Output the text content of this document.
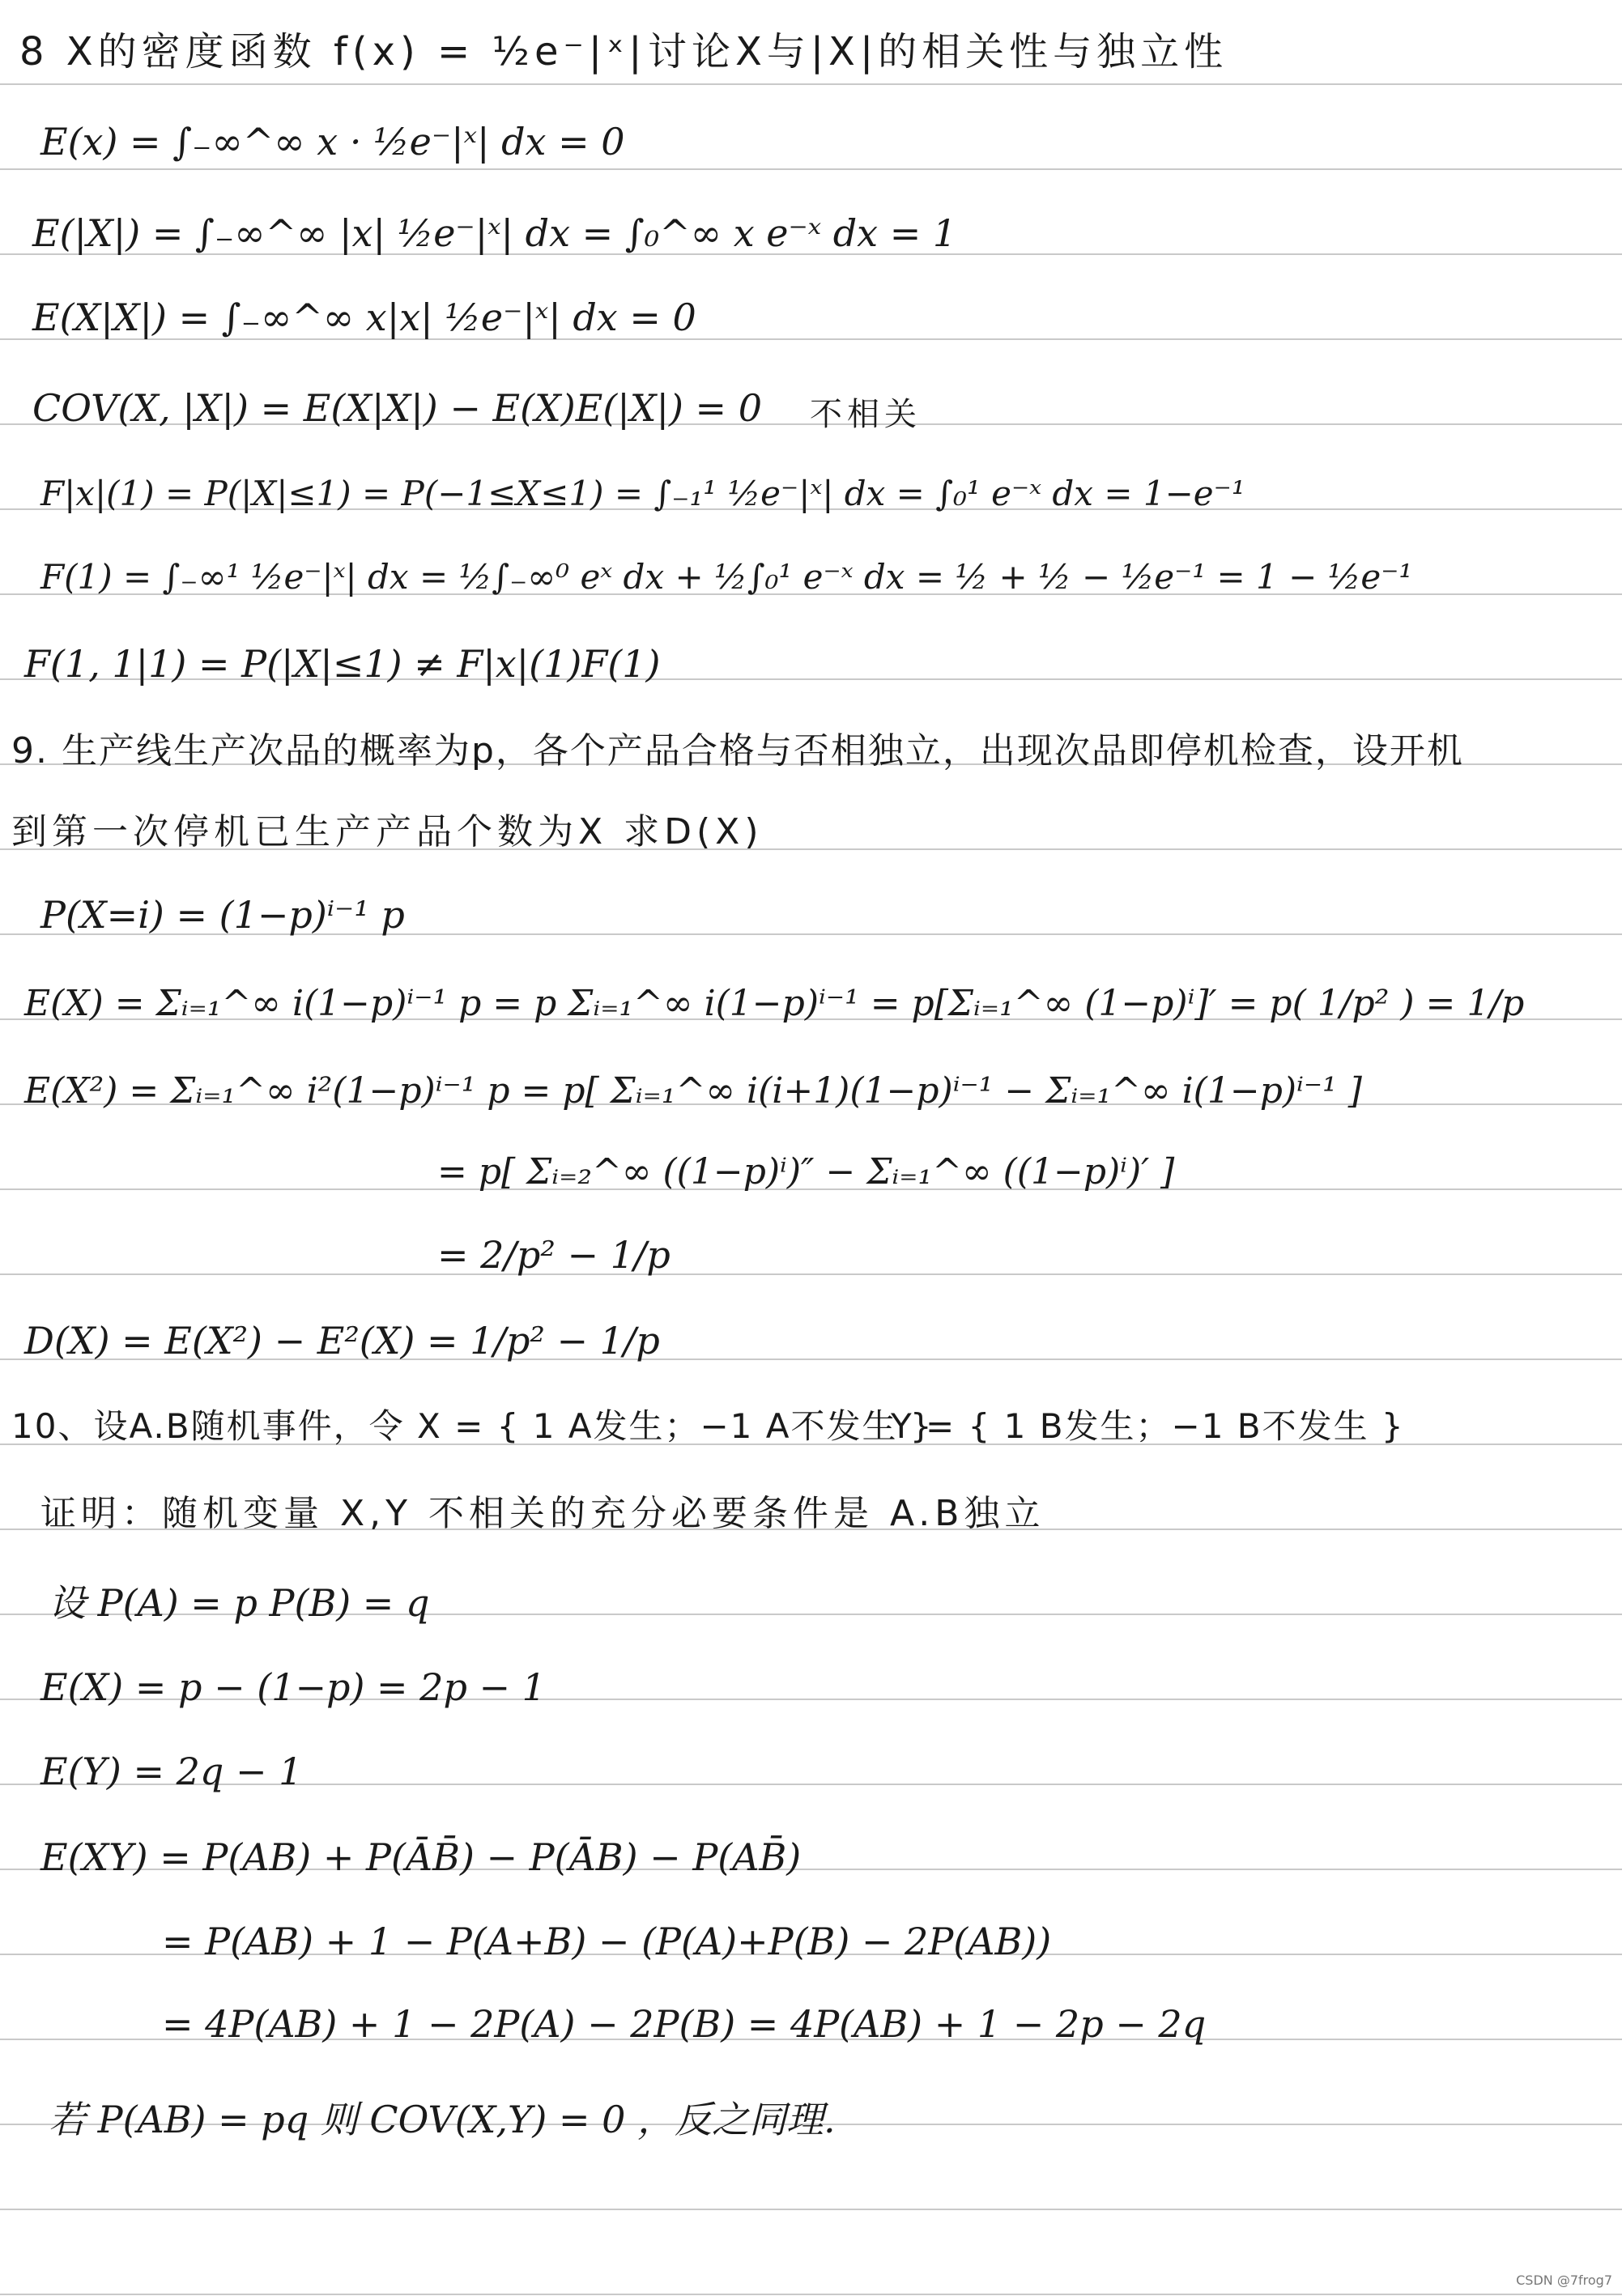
8 X的密度函数 f(x) = ½e⁻|ˣ| 讨论X与|X|的相关性与独立性
E(x) = ∫₋∞^∞ x · ½e⁻|ˣ| dx = 0
E(|X|) = ∫₋∞^∞ |x| ½e⁻|ˣ| dx = ∫₀^∞ x e⁻ˣ dx = 1
E(X|X|) = ∫₋∞^∞ x|x| ½e⁻|ˣ| dx = 0
COV(X, |X|) = E(X|X|) − E(X)E(|X|) = 0 不相关
F|x|(1) = P(|X|≤1) = P(−1≤X≤1) = ∫₋₁¹ ½e⁻|ˣ| dx = ∫₀¹ e⁻ˣ dx = 1−e⁻¹
F(1) = ∫₋∞¹ ½e⁻|ˣ| dx = ½∫₋∞⁰ eˣ dx + ½∫₀¹ e⁻ˣ dx = ½ + ½ − ½e⁻¹ = 1 − ½e⁻¹
F(1, 1|1) = P(|X|≤1) ≠ F|x|(1)F(1)
9. 生产线生产次品的概率为p，各个产品合格与否相独立，出现次品即停机检查，设开机
到第一次停机已生产产品个数为X 求D(X)
P(X=i) = (1−p)ⁱ⁻¹ p
E(X) = Σᵢ₌₁^∞ i(1−p)ⁱ⁻¹ p = p Σᵢ₌₁^∞ i(1−p)ⁱ⁻¹ = p[Σᵢ₌₁^∞ (1−p)ⁱ]′ = p( 1/p² ) = 1/p
E(X²) = Σᵢ₌₁^∞ i²(1−p)ⁱ⁻¹ p = p[ Σᵢ₌₁^∞ i(i+1)(1−p)ⁱ⁻¹ − Σᵢ₌₁^∞ i(1−p)ⁱ⁻¹ ]
= p[ Σᵢ₌₂^∞ ((1−p)ⁱ)″ − Σᵢ₌₁^∞ ((1−p)ⁱ)′ ]
= 2/p² − 1/p
D(X) = E(X²) − E²(X) = 1/p² − 1/p
10、设A.B随机事件，令 X = { 1 A发生；−1 A不发生 }
Y = { 1 B发生；−1 B不发生 }
证明：随机变量 X,Y 不相关的充分必要条件是 A.B独立
设 P(A) = p P(B) = q
E(X) = p − (1−p) = 2p − 1
E(Y) = 2q − 1
E(XY) = P(AB) + P(ĀB̄) − P(ĀB) − P(AB̄)
= P(AB) + 1 − P(A+B) − (P(A)+P(B) − 2P(AB))
= 4P(AB) + 1 − 2P(A) − 2P(B) = 4P(AB) + 1 − 2p − 2q
若 P(AB) = pq 则 COV(X,Y) = 0 ，反之同理.
CSDN @7frog7
